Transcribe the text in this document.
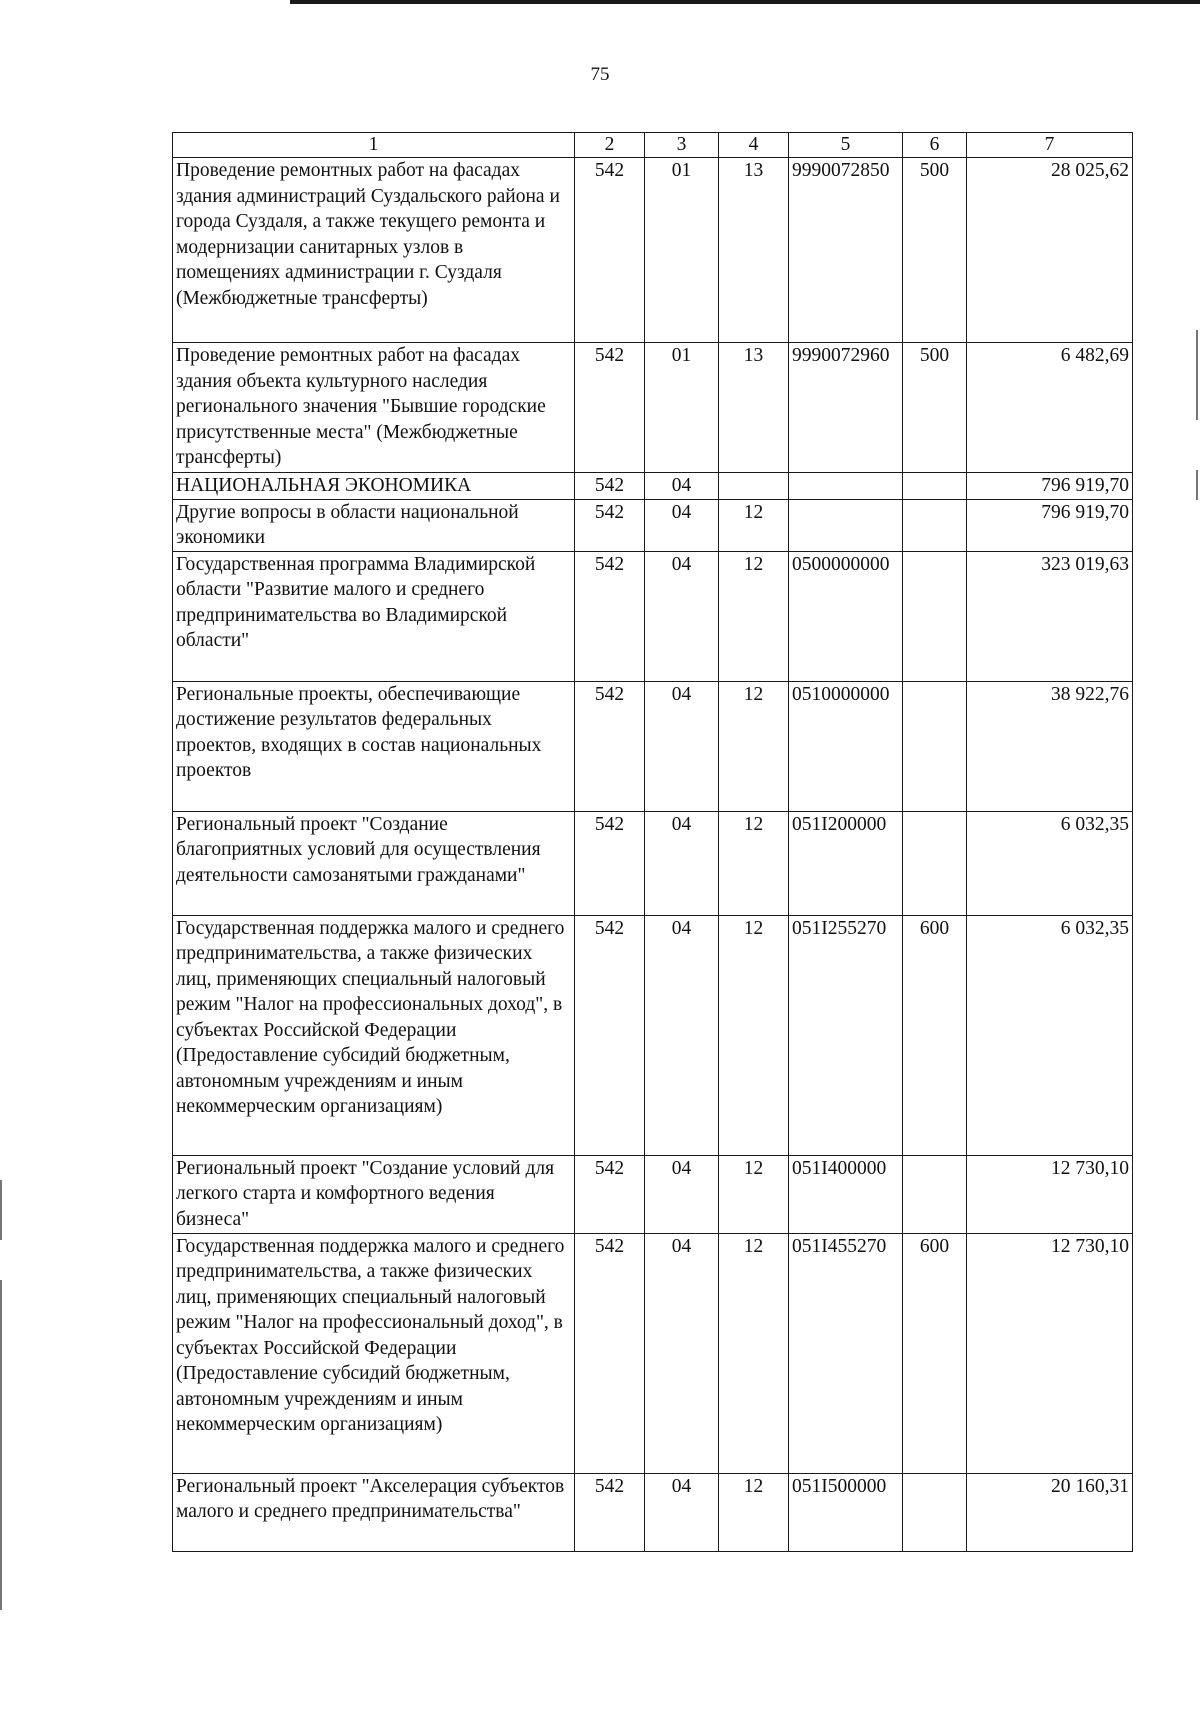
75
1	2	3	4	5	6	7
Проведение ремонтных работ на фасадах здания администраций Суздальского района и города Суздаля, а также текущего ремонта и модернизации санитарных узлов в помещениях администрации г. Суздаля (Межбюджетные трансферты)	542	01	13	9990072850	500	28 025,62
Проведение ремонтных работ на фасадах здания объекта культурного наследия регионального значения "Бывшие городские присутственные места" (Межбюджетные трансферты)	542	01	13	9990072960	500	6 482,69
НАЦИОНАЛЬНАЯ ЭКОНОМИКА	542	04				796 919,70
Другие вопросы в области национальной экономики	542	04	12			796 919,70
Государственная программа Владимирской области "Развитие малого и среднего предпринимательства во Владимирской области"	542	04	12	0500000000		323 019,63
Региональные проекты, обеспечивающие достижение результатов федеральных проектов, входящих в состав национальных проектов	542	04	12	0510000000		38 922,76
Региональный проект "Создание благоприятных условий для осуществления деятельности самозанятыми гражданами"	542	04	12	051I200000		6 032,35
Государственная поддержка малого и среднего предпринимательства, а также физических лиц, применяющих специальный налоговый режим "Налог на профессиональных доход", в субъектах Российской Федерации (Предоставление субсидий бюджетным, автономным учреждениям и иным некоммерческим организациям)	542	04	12	051I255270	600	6 032,35
Региональный проект "Создание условий для легкого старта и комфортного ведения бизнеса"	542	04	12	051I400000		12 730,10
Государственная поддержка малого и среднего предпринимательства, а также физических лиц, применяющих специальный налоговый режим "Налог на профессиональный доход", в субъектах Российской Федерации (Предоставление субсидий бюджетным, автономным учреждениям и иным некоммерческим организациям)	542	04	12	051I455270	600	12 730,10
Региональный проект "Акселерация субъектов малого и среднего предпринимательства"	542	04	12	051I500000		20 160,31
